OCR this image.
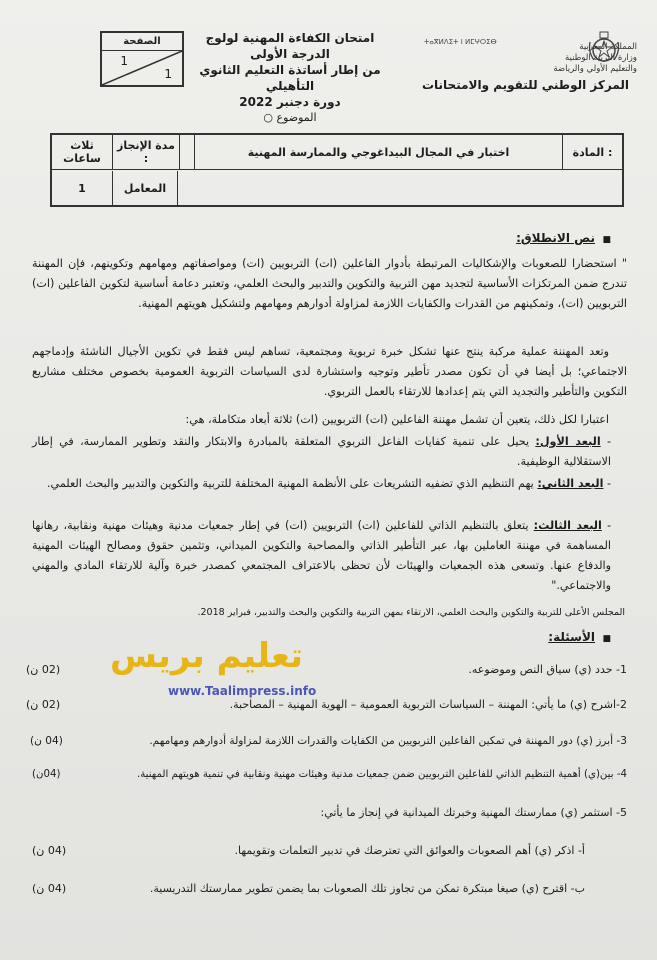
ⵜⴰⴳⵍⴷⵉⵜ ⵏ ⵍⵎⵖⵔⵉⴱ	المملكة المغربية
وزارة التربية الوطنية
والتعليم الأولي والرياضة
المركز الوطني للتقويم والامتحانات
امتحان الكفاءة المهنية لولوج الدرجة الأولى
من إطار أساتذة التعليم الثانوي التأهيلي
دورة دجنبر 2022
الموضوع ○
الصفحة
1
1
المادة :
اختبار في المجال البيداغوجي والممارسة المهنية
مدة الإنجاز :
ثلاث ساعات
المعامل
1
■
نص الانطلاق:
" استحضارا للصعوبات والإشكاليات المرتبطة بأدوار الفاعلين (ات) التربويين (ات) ومواصفاتهم ومهامهم وتكوينهم، فإن المهننة تندرج ضمن المرتكزات الأساسية لتجديد مهن التربية والتكوين والتدبير والبحث العلمي، وتعتبر دعامة أساسية لتكوين الفاعلين (ات) التربويين (ات)، وتمكينهم من القدرات والكفايات اللازمة لمزاولة أدوارهم ومهامهم ولتشكيل هويتهم المهنية.
وتعد المهننة عملية مركبة ينتج عنها تشكل خبرة تربوية ومجتمعية، تساهم ليس فقط في تكوين الأجيال الناشئة وإدماجهم الاجتماعي؛ بل أيضا في أن تكون مصدر تأطير وتوجيه واستشارة لدى السياسات التربوية العمومية بخصوص مختلف مشاريع التكوين والتأطير والتجديد التي يتم إعدادها للارتقاء بالعمل التربوي.
اعتبارا لكل ذلك، يتعين أن تشمل مهننة الفاعلين (ات) التربويين (ات) ثلاثة أبعاد متكاملة، هي:
- البعد الأول: يحيل على تنمية كفايات الفاعل التربوي المتعلقة بالمبادرة والابتكار والنقد وتطوير الممارسة، في إطار الاستقلالية الوظيفية.
- البعد الثاني: يهم التنظيم الذي تضفيه التشريعات على الأنظمة المهنية المختلفة للتربية والتكوين والتدبير والبحث العلمي.
- البعد الثالث: يتعلق بالتنظيم الذاتي للفاعلين (ات) التربويين (ات) في إطار جمعيات مدنية وهيئات مهنية ونقابية، رهانها المساهمة في مهننة العاملين بها، عبر التأطير الذاتي والمصاحبة والتكوين الميداني، وتثمين حقوق ومصالح الهيئات المهنية والدفاع عنها. وتسعى هذه الجمعيات والهيئات لأن تحظى بالاعتراف المجتمعي كمصدر خبرة وآلية للارتقاء المادي والمهني والاجتماعي."
المجلس الأعلى للتربية والتكوين والبحث العلمي، الارتقاء بمهن التربية والتكوين والبحث والتدبير، فبراير 2018.
■
الأسئلة:
تعليم بريس
www.Taalimpress.info
1- حدد (ي) سياق النص وموضوعه.
(02 ن)
2-اشرح (ي) ما يأتي: المهننة – السياسات التربوية العمومية – الهوية المهنية – المصاحبة.
(02 ن)
3- أبرز (ي) دور المهننة في تمكين الفاعلين التربويين من الكفايات والقدرات اللازمة لمزاولة أدوارهم ومهامهم.
(04 ن)
4- بين(ي) أهمية التنظيم الذاتي للفاعلين التربويين ضمن جمعيات مدنية وهيئات مهنية ونقابية في تنمية هويتهم المهنية.
(04ن)
5- استثمر (ي) ممارستك المهنية وخبرتك الميدانية في إنجاز ما يأتي:
أ- اذكر (ي) أهم الصعوبات والعوائق التي تعترضك في تدبير التعلمات وتقويمها.
(04 ن)
ب- اقترح (ي) صيغا مبتكرة تمكن من تجاوز تلك الصعوبات بما يضمن تطوير ممارستك التدريسية.
(04 ن)
